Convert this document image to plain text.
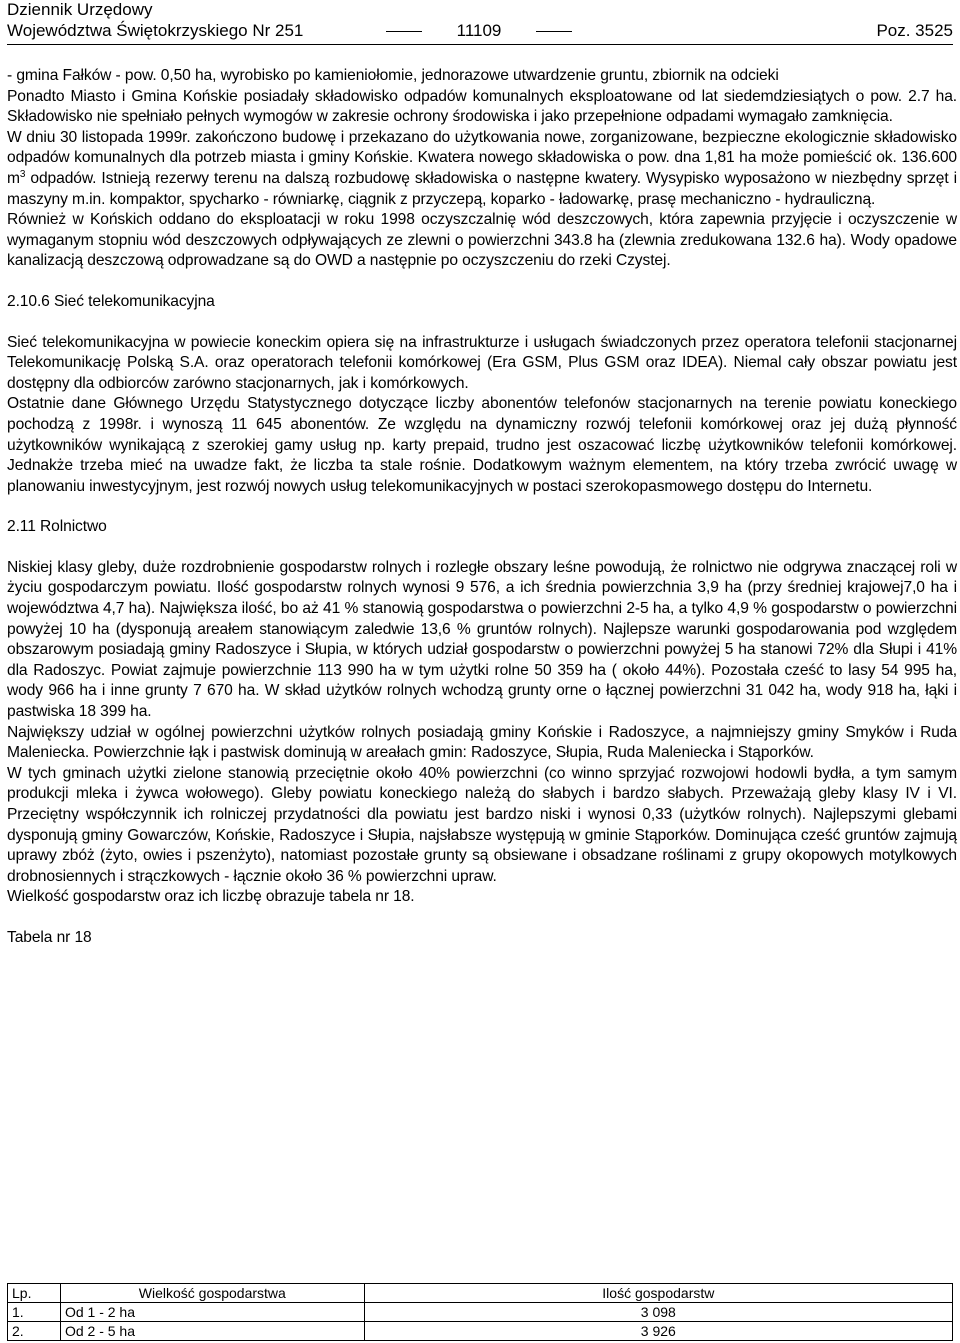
Dziennik Urzędowy
Województwa Świętokrzyskiego Nr 251	11109	Poz. 3525

- gmina Fałków - pow. 0,50 ha, wyrobisko po kamieniołomie, jednorazowe utwardzenie gruntu, zbiornik na odcieki

Ponadto Miasto i Gmina Końskie posiadały składowisko odpadów komunalnych eksploatowane od lat siedemdziesiątych o pow. 2.7 ha. Składowisko nie spełniało pełnych wymogów w zakresie ochrony środowiska i jako przepełnione odpadami wymagało zamknięcia.

W dniu 30 listopada 1999r. zakończono budowę i przekazano do użytkowania nowe, zorganizowane, bezpieczne ekologicznie składowisko odpadów komunalnych dla potrzeb miasta i gminy Końskie. Kwatera nowego składowiska o pow. dna 1,81 ha może pomieścić ok. 136.600 $m^3$ odpadów. Istnieją rezerwy terenu na dalszą rozbudowę składowiska o następne kwatery. Wysypisko wyposażono w niezbędny sprzęt i maszyny m.in. kompaktor, spycharko - równiarkę, ciągnik z przyczepą, koparko - ładowarkę, prasę mechaniczno - hydrauliczną.

Również w Końskich oddano do eksploatacji w roku 1998 oczyszczalnię wód deszczowych, która zapewnia przyjęcie i oczyszczenie w wymaganym stopniu wód deszczowych odpływających ze zlewni o powierzchni 343.8 ha (zlewnia zredukowana 132.6 ha). Wody opadowe kanalizacją deszczową odprowadzane są do OWD a następnie po oczyszczeniu do rzeki Czystej.

2.10.6 Sieć telekomunikacyjna

Sieć telekomunikacyjna w powiecie koneckim opiera się na infrastrukturze i usługach świadczonych przez operatora telefonii stacjonarnej Telekomunikację Polską S.A. oraz operatorach telefonii komórkowej (Era GSM, Plus GSM oraz IDEA). Niemal cały obszar powiatu jest dostępny dla odbiorców zarówno stacjonarnych, jak i komórkowych.

Ostatnie dane Głównego Urzędu Statystycznego dotyczące liczby abonentów telefonów stacjonarnych na terenie powiatu koneckiego pochodzą z 1998r. i wynoszą 11 645 abonentów. Ze względu na dynamiczny rozwój telefonii komórkowej oraz jej dużą płynność użytkowników wynikającą z szerokiej gamy usług np. karty prepaid, trudno jest oszacować liczbę użytkowników telefonii komórkowej. Jednakże trzeba mieć na uwadze fakt, że liczba ta stale rośnie. Dodatkowym ważnym elementem, na który trzeba zwrócić uwagę w planowaniu inwestycyjnym, jest rozwój nowych usług telekomunikacyjnych w postaci szerokopasmowego dostępu do Internetu.

2.11 Rolnictwo

Niskiej klasy gleby, duże rozdrobnienie gospodarstw rolnych i rozległe obszary leśne powodują, że rolnictwo nie odgrywa znaczącej roli w życiu gospodarczym powiatu. Ilość gospodarstw rolnych wynosi 9 576, a ich średnia powierzchnia 3,9 ha (przy średniej krajowej7,0 ha i województwa 4,7 ha). Największa ilość, bo aż 41 % stanowią gospodarstwa o powierzchni 2-5 ha, a tylko 4,9 % gospodarstw o powierzchni powyżej 10 ha (dysponują areałem stanowiącym zaledwie 13,6 % gruntów rolnych). Najlepsze warunki gospodarowania pod względem obszarowym posiadają gminy Radoszyce i Słupia, w których udział gospodarstw o powierzchni powyżej 5 ha stanowi 72% dla Słupi i 41% dla Radoszyc. Powiat zajmuje powierzchnie 113 990 ha w tym użytki rolne 50 359 ha ( około 44%). Pozostała cześć to lasy 54 995 ha, wody 966 ha i inne grunty 7 670 ha. W skład użytków rolnych wchodzą grunty orne o łącznej powierzchni 31 042 ha, wody 918 ha, łąki i pastwiska 18 399 ha.

Największy udział w ogólnej powierzchni użytków rolnych posiadają gminy Końskie i Radoszyce, a najmniejszy gminy Smyków i Ruda Maleniecka. Powierzchnie łąk i pastwisk dominują w areałach gmin: Radoszyce, Słupia, Ruda Maleniecka i Stąporków.

W tych gminach użytki zielone stanowią przeciętnie około 40% powierzchni (co winno sprzyjać rozwojowi hodowli bydła, a tym samym produkcji mleka i żywca wołowego). Gleby powiatu koneckiego należą do słabych i bardzo słabych. Przeważają gleby klasy IV i VI. Przeciętny współczynnik ich rolniczej przydatności dla powiatu jest bardzo niski i wynosi 0,33 (użytków rolnych). Najlepszymi glebami dysponują gminy Gowarczów, Końskie, Radoszyce i Słupia, najsłabsze występują w gminie Stąporków. Dominująca cześć gruntów zajmują uprawy zbóż (żyto, owies i pszenżyto), natomiast pozostałe grunty są obsiewane i obsadzane roślinami z grupy okopowych motylkowych drobnosiennych i strączkowych - łącznie około 36 % powierzchni upraw.

Wielkość gospodarstw oraz ich liczbę obrazuje tabela nr 18.

Tabela nr 18

Lp.	Wielkość gospodarstwa	Ilość gospodarstw
1.	Od 1 - 2 ha	3 098
2.	Od 2 - 5 ha	3 926
